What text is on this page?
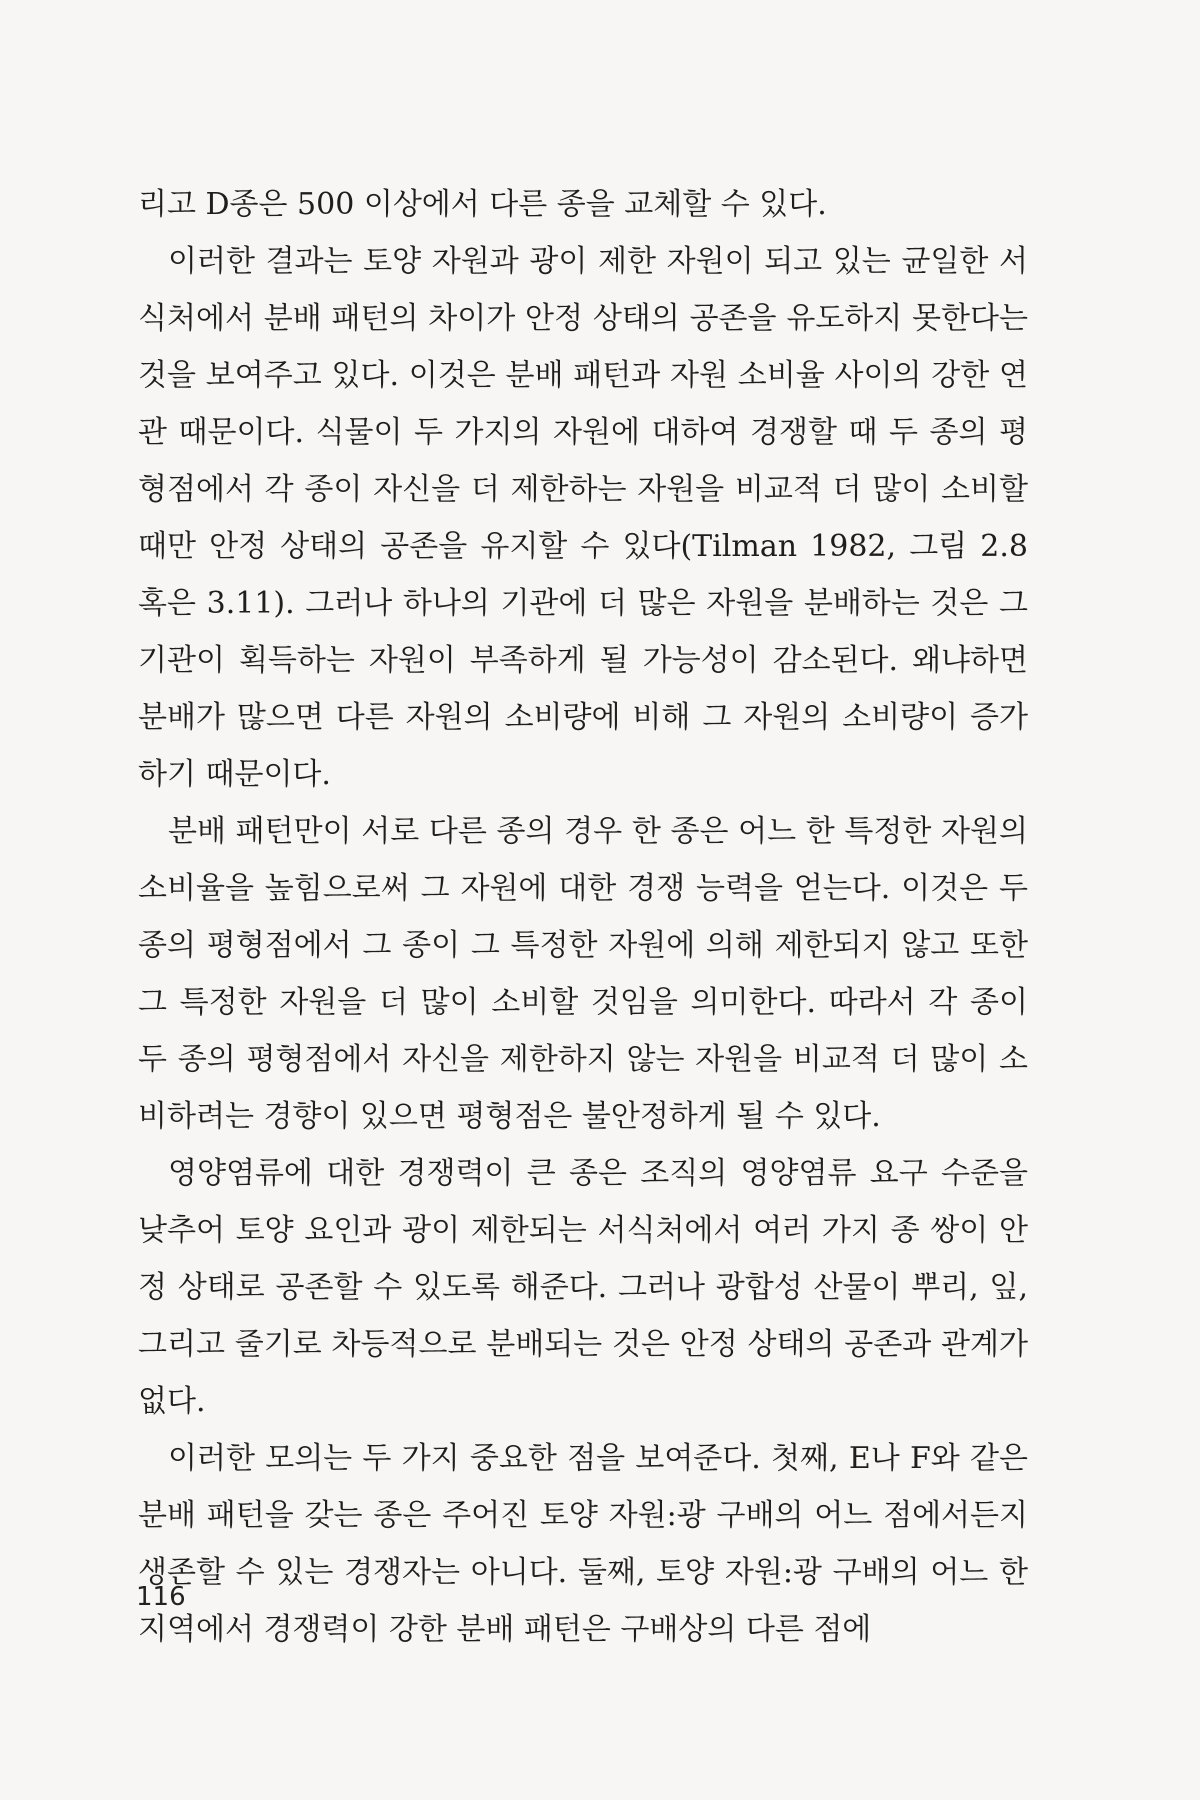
리고 D종은 500 이상에서 다른 종을 교체할 수 있다.

이러한 결과는 토양 자원과 광이 제한 자원이 되고 있는 균일한 서식처에서 분배 패턴의 차이가 안정 상태의 공존을 유도하지 못한다는 것을 보여주고 있다. 이것은 분배 패턴과 자원 소비율 사이의 강한 연관 때문이다. 식물이 두 가지의 자원에 대하여 경쟁할 때 두 종의 평형점에서 각 종이 자신을 더 제한하는 자원을 비교적 더 많이 소비할 때만 안정 상태의 공존을 유지할 수 있다(Tilman 1982, 그림 2.8 혹은 3.11). 그러나 하나의 기관에 더 많은 자원을 분배하는 것은 그 기관이 획득하는 자원이 부족하게 될 가능성이 감소된다. 왜냐하면 분배가 많으면 다른 자원의 소비량에 비해 그 자원의 소비량이 증가하기 때문이다.

분배 패턴만이 서로 다른 종의 경우 한 종은 어느 한 특정한 자원의 소비율을 높힘으로써 그 자원에 대한 경쟁 능력을 얻는다. 이것은 두 종의 평형점에서 그 종이 그 특정한 자원에 의해 제한되지 않고 또한 그 특정한 자원을 더 많이 소비할 것임을 의미한다. 따라서 각 종이 두 종의 평형점에서 자신을 제한하지 않는 자원을 비교적 더 많이 소비하려는 경향이 있으면 평형점은 불안정하게 될 수 있다.

영양염류에 대한 경쟁력이 큰 종은 조직의 영양염류 요구 수준을 낮추어 토양 요인과 광이 제한되는 서식처에서 여러 가지 종 쌍이 안정 상태로 공존할 수 있도록 해준다. 그러나 광합성 산물이 뿌리, 잎, 그리고 줄기로 차등적으로 분배되는 것은 안정 상태의 공존과 관계가 없다.

이러한 모의는 두 가지 중요한 점을 보여준다. 첫째, E나 F와 같은 분배 패턴을 갖는 종은 주어진 토양 자원:광 구배의 어느 점에서든지 생존할 수 있는 경쟁자는 아니다. 둘째, 토양 자원:광 구배의 어느 한 지역에서 경쟁력이 강한 분배 패턴은 구배상의 다른 점에

116
